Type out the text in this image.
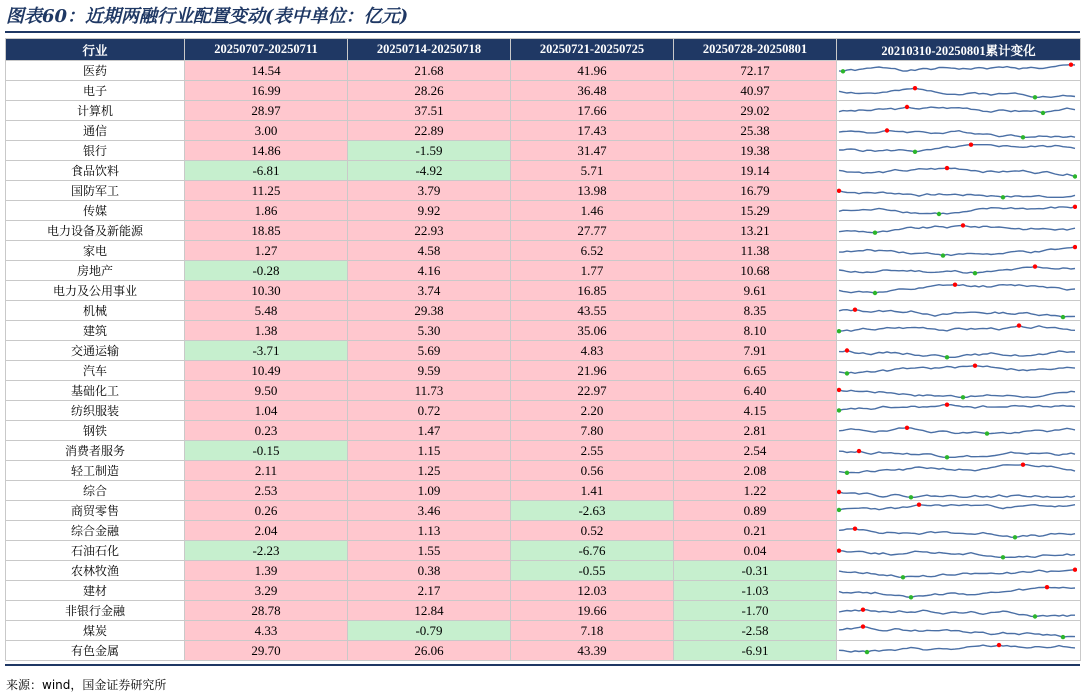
图表60：近期两融行业配置变动(表中单位：亿元)
行业	20250707-20250711	20250714-20250718	20250721-20250725	20250728-20250801	20210310-20250801累计变化
医药	14.54	21.68	41.96	72.17	

电子	16.99	28.26	36.48	40.97	

计算机	28.97	37.51	17.66	29.02	

通信	3.00	22.89	17.43	25.38	

银行	14.86	-1.59	31.47	19.38	

食品饮料	-6.81	-4.92	5.71	19.14	

国防军工	11.25	3.79	13.98	16.79	

传媒	1.86	9.92	1.46	15.29	

电力设备及新能源	18.85	22.93	27.77	13.21	

家电	1.27	4.58	6.52	11.38	

房地产	-0.28	4.16	1.77	10.68	

电力及公用事业	10.30	3.74	16.85	9.61	

机械	5.48	29.38	43.55	8.35	

建筑	1.38	5.30	35.06	8.10	

交通运输	-3.71	5.69	4.83	7.91	

汽车	10.49	9.59	21.96	6.65	

基础化工	9.50	11.73	22.97	6.40	

纺织服装	1.04	0.72	2.20	4.15	

钢铁	0.23	1.47	7.80	2.81	

消费者服务	-0.15	1.15	2.55	2.54	

轻工制造	2.11	1.25	0.56	2.08	

综合	2.53	1.09	1.41	1.22	

商贸零售	0.26	3.46	-2.63	0.89	

综合金融	2.04	1.13	0.52	0.21	

石油石化	-2.23	1.55	-6.76	0.04	

农林牧渔	1.39	0.38	-0.55	-0.31	

建材	3.29	2.17	12.03	-1.03	

非银行金融	28.78	12.84	19.66	-1.70	

煤炭	4.33	-0.79	7.18	-2.58	

有色金属	29.70	26.06	43.39	-6.91	
来源：wind，国金证券研究所
